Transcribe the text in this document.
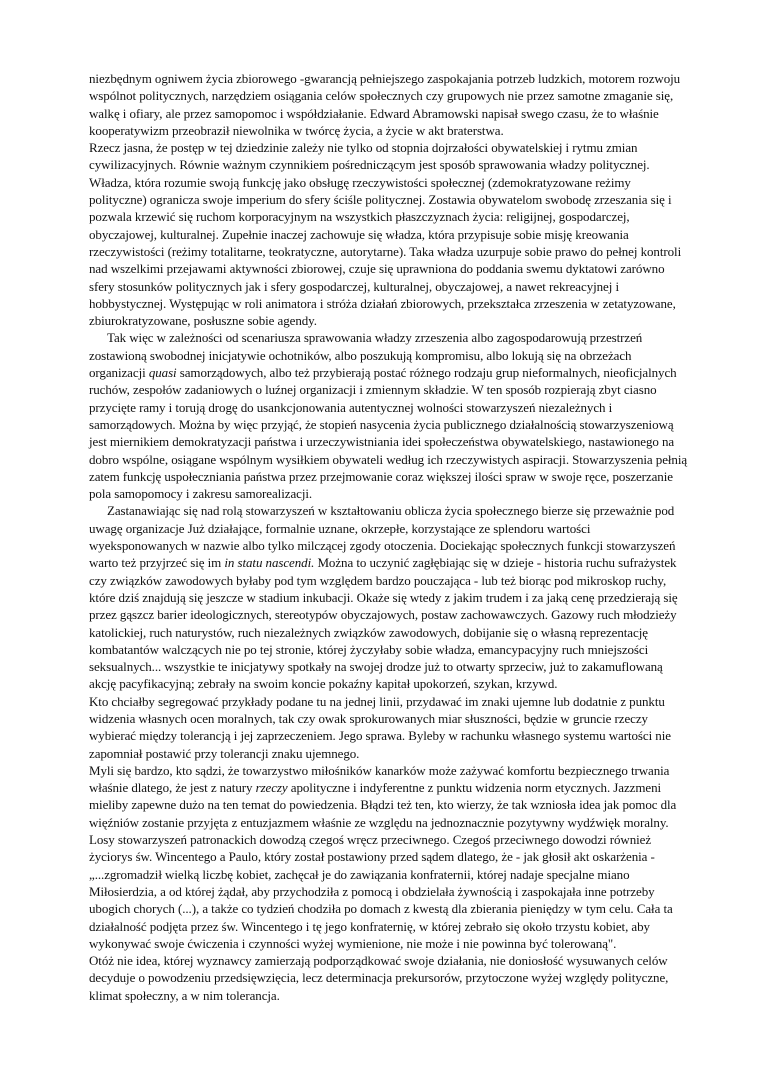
niezbędnym ogniwem życia zbiorowego -gwarancją pełniejszego zaspokajania potrzeb ludzkich, motorem rozwoju wspólnot politycznych, narzędziem osiągania celów społecznych czy grupowych nie przez samotne zmaganie się, walkę i ofiary, ale przez samopomoc i współdziałanie. Edward Abramowski napisał swego czasu, że to właśnie kooperatywizm przeobraził niewolnika w twórcę życia, a życie w akt braterstwa.

Rzecz jasna, że postęp w tej dziedzinie zależy nie tylko od stopnia dojrzałości obywatelskiej i rytmu zmian cywilizacyjnych. Równie ważnym czynnikiem pośredniczącym jest sposób sprawowania władzy politycznej. Władza, która rozumie swoją funkcję jako obsługę rzeczywistości społecznej (zdemokratyzowane reżimy polityczne) ogranicza swoje imperium do sfery ściśle politycznej. Zostawia obywatelom swobodę zrzeszania się i pozwala krzewić się ruchom korporacyjnym na wszystkich płaszczyznach życia: religijnej, gospodarczej, obyczajowej, kulturalnej. Zupełnie inaczej zachowuje się władza, która przypisuje sobie misję kreowania rzeczywistości (reżimy totalitarne, teokratyczne, autorytarne). Taka władza uzurpuje sobie prawo do pełnej kontroli nad wszelkimi przejawami aktywności zbiorowej, czuje się uprawniona do poddania swemu dyktatowi zarówno sfery stosunków politycznych jak i sfery gospodarczej, kulturalnej, obyczajowej, a nawet rekreacyjnej i hobbystycznej. Występując w roli animatora i stróża działań zbiorowych, przekształca zrzeszenia w zetatyzowane, zbiurokratyzowane, posłuszne sobie agendy.

Tak więc w zależności od scenariusza sprawowania władzy zrzeszenia albo zagospodarowują przestrzeń zostawioną swobodnej inicjatywie ochotników, albo poszukują kompromisu, albo lokują się na obrzeżach organizacji quasi samorządowych, albo też przybierają postać różnego rodzaju grup nieformalnych, nieoficjalnych ruchów, zespołów zadaniowych o luźnej organizacji i zmiennym składzie. W ten sposób rozpierają zbyt ciasno przycięte ramy i torują drogę do usankcjonowania autentycznej wolności stowarzyszeń niezależnych i samorządowych. Można by więc przyjąć, że stopień nasycenia życia publicznego działalnością stowarzyszeniową jest miernikiem demokratyzacji państwa i urzeczywistniania idei społeczeństwa obywatelskiego, nastawionego na dobro wspólne, osiągane wspólnym wysiłkiem obywateli według ich rzeczywistych aspiracji. Stowarzyszenia pełnią zatem funkcję uspołeczniania państwa przez przejmowanie coraz większej ilości spraw w swoje ręce, poszerzanie pola samopomocy i zakresu samorealizacji.

Zastanawiając się nad rolą stowarzyszeń w kształtowaniu oblicza życia społecznego bierze się przeważnie pod uwagę organizacje Już działające, formalnie uznane, okrzepłe, korzystające ze splendoru wartości wyeksponowanych w nazwie albo tylko milczącej zgody otoczenia. Dociekając społecznych funkcji stowarzyszeń warto też przyjrzeć się im in statu nascendi. Można to uczynić zagłębiając się w dzieje - historia ruchu sufrażystek czy związków zawodowych byłaby pod tym względem bardzo pouczająca - lub też biorąc pod mikroskop ruchy, które dziś znajdują się jeszcze w stadium inkubacji. Okaże się wtedy z jakim trudem i za jaką cenę przedzierają się przez gąszcz barier ideologicznych, stereotypów obyczajowych, postaw zachowawczych. Gazowy ruch młodzieży katolickiej, ruch naturystów, ruch niezależnych związków zawodowych, dobijanie się o własną reprezentację kombatantów walczących nie po tej stronie, której życzyłaby sobie władza, emancypacyjny ruch mniejszości seksualnych... wszystkie te inicjatywy spotkały na swojej drodze już to otwarty sprzeciw, już to zakamuflowaną akcję pacyfikacyjną; zebrały na swoim koncie pokaźny kapitał upokorzeń, szykan, krzywd.

Kto chciałby segregować przykłady podane tu na jednej linii, przydawać im znaki ujemne lub dodatnie z punktu widzenia własnych ocen moralnych, tak czy owak sprokurowanych miar słuszności, będzie w gruncie rzeczy wybierać między tolerancją i jej zaprzeczeniem. Jego sprawa. Byleby w rachunku własnego systemu wartości nie zapomniał postawić przy tolerancji znaku ujemnego.

Myli się bardzo, kto sądzi, że towarzystwo miłośników kanarków może zażywać komfortu bezpiecznego trwania właśnie dlatego, że jest z natury rzeczy apolityczne i indyferentne z punktu widzenia norm etycznych. Jazzmeni mieliby zapewne dużo na ten temat do powiedzenia. Błądzi też ten, kto wierzy, że tak wzniosła idea jak pomoc dla więźniów zostanie przyjęta z entuzjazmem właśnie ze względu na jednoznacznie pozytywny wydźwięk moralny. Losy stowarzyszeń patronackich dowodzą czegoś wręcz przeciwnego. Czegoś przeciwnego dowodzi również życiorys św. Wincentego a Paulo, który został postawiony przed sądem dlatego, że - jak głosił akt oskarżenia - „...zgromadził wielką liczbę kobiet, zachęcał je do zawiązania konfraternii, której nadaje specjalne miano Miłosierdzia, a od której żądał, aby przychodziła z pomocą i obdzielała żywnością i zaspokajała inne potrzeby ubogich chorych (...), a także co tydzień chodziła po domach z kwestą dla zbierania pieniędzy w tym celu. Cała ta działalność podjęta przez św. Wincentego i tę jego konfraternię, w której zebrało się około trzystu kobiet, aby wykonywać swoje ćwiczenia i czynności wyżej wymienione, nie może i nie powinna być tolerowaną".

Otóż nie idea, której wyznawcy zamierzają podporządkować swoje działania, nie doniosłość wysuwanych celów decyduje o powodzeniu przedsięwzięcia, lecz determinacja prekursorów, przytoczone wyżej względy polityczne, klimat społeczny, a w nim tolerancja.
